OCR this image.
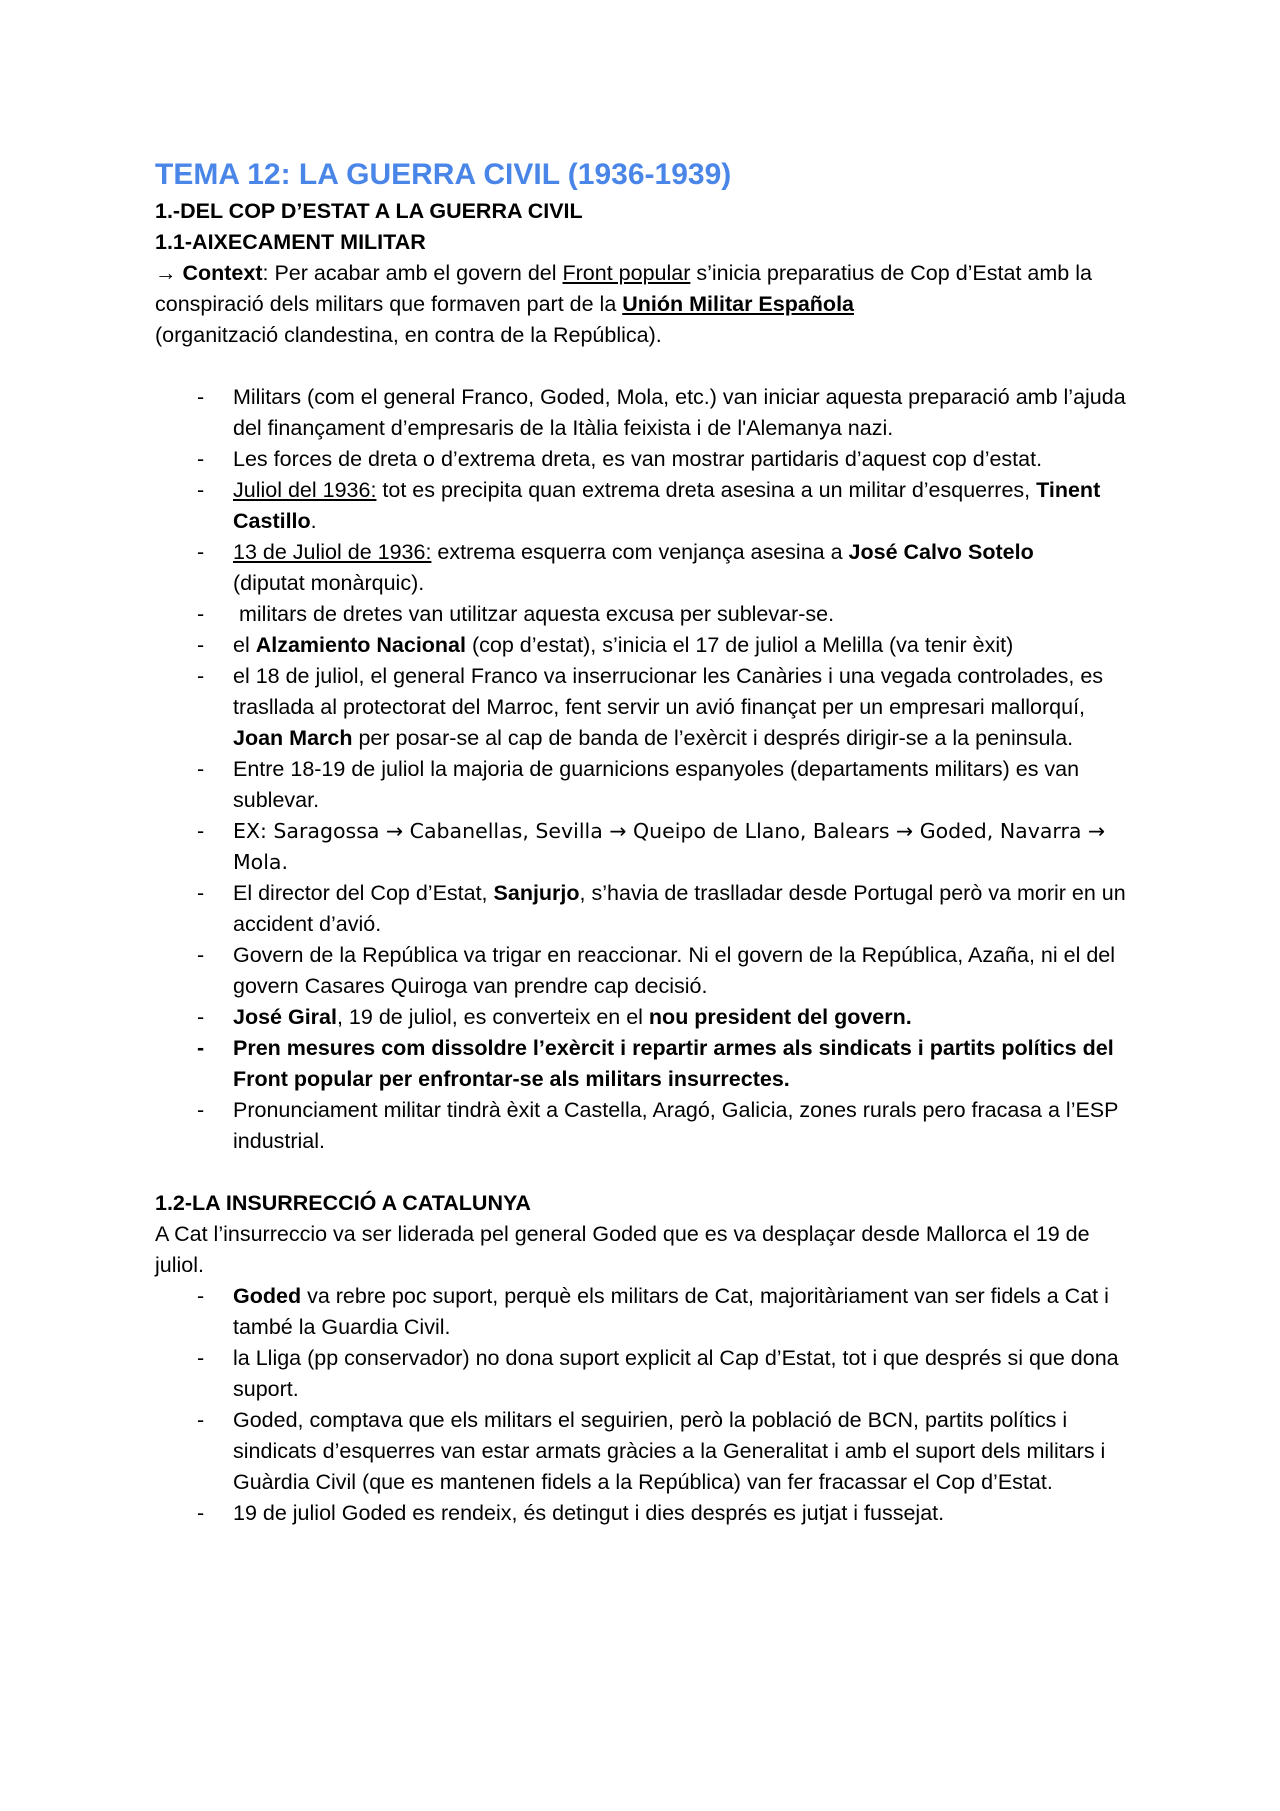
TEMA 12: LA GUERRA CIVIL (1936-1939)
1.-DEL COP D’ESTAT A LA GUERRA CIVIL
1.1-AIXECAMENT MILITAR
→ Context: Per acabar amb el govern del Front popular s’inicia preparatius de Cop d’Estat amb la conspiració dels militars que formaven part de la Unión Militar Española
(organització clandestina, en contra de la República).
- Militars (com el general Franco, Goded, Mola, etc.) van iniciar aquesta preparació amb l’ajuda del finançament d’empresaris de la Itàlia feixista i de l'Alemanya nazi.
- Les forces de dreta o d’extrema dreta, es van mostrar partidaris d’aquest cop d’estat.
- Juliol del 1936: tot es precipita quan extrema dreta asesina a un militar d’esquerres, Tinent Castillo.
- 13 de Juliol de 1936: extrema esquerra com venjança asesina a José Calvo Sotelo
(diputat monàrquic).
-  militars de dretes van utilitzar aquesta excusa per sublevar-se.
- el Alzamiento Nacional (cop d’estat), s’inicia el 17 de juliol a Melilla (va tenir èxit)
- el 18 de juliol, el general Franco va inserrucionar les Canàries i una vegada controlades, es trasllada al protectorat del Marroc, fent servir un avió finançat per un empresari mallorquí, Joan March per posar-se al cap de banda de l’exèrcit i després dirigir-se a la peninsula.
- Entre 18-19 de juliol la majoria de guarnicions espanyoles (departaments militars) es van sublevar.
- EX: Saragossa → Cabanellas, Sevilla → Queipo de Llano, Balears → Goded, Navarra → Mola.
- El director del Cop d’Estat, Sanjurjo, s’havia de traslladar desde Portugal però va morir en un accident d’avió.
- Govern de la República va trigar en reaccionar. Ni el govern de la República, Azaña, ni el del govern Casares Quiroga van prendre cap decisió.
- José Giral, 19 de juliol, es converteix en el nou president del govern.
- Pren mesures com dissoldre l’exèrcit i repartir armes als sindicats i partits polítics del Front popular per enfrontar-se als militars insurrectes.
- Pronunciament militar tindrà èxit a Castella, Aragó, Galicia, zones rurals pero fracasa a l’ESP industrial.
1.2-LA INSURRECCIÓ A CATALUNYA
A Cat l’insurreccio va ser liderada pel general Goded que es va desplaçar desde Mallorca el 19 de juliol.
- Goded va rebre poc suport, perquè els militars de Cat, majoritàriament van ser fidels a Cat i també la Guardia Civil.
- la Lliga (pp conservador) no dona suport explicit al Cap d’Estat, tot i que després si que dona suport.
- Goded, comptava que els militars el seguirien, però la població de BCN, partits polítics i sindicats d’esquerres van estar armats gràcies a la Generalitat i amb el suport dels militars i Guàrdia Civil (que es mantenen fidels a la República) van fer fracassar el Cop d’Estat.
- 19 de juliol Goded es rendeix, és detingut i dies després es jutjat i fussejat.
